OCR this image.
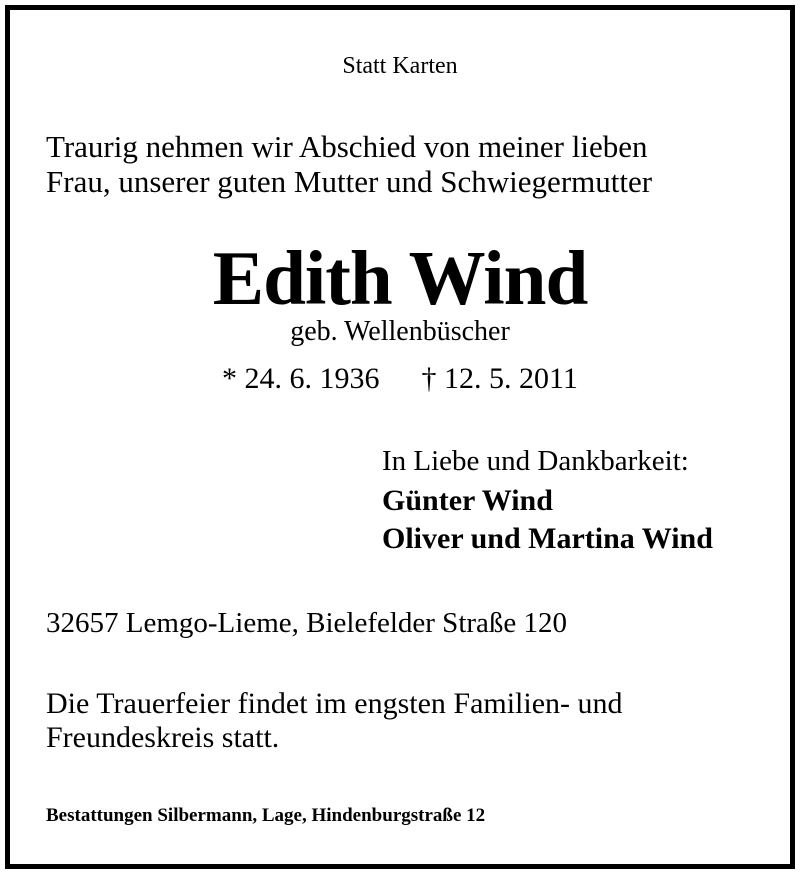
Statt Karten
Traurig nehmen wir Abschied von meiner lieben
Frau, unserer guten Mutter und Schwiegermutter
Edith Wind
geb. Wellenbüscher
* 24. 6. 1936 † 12. 5. 2011
In Liebe und Dankbarkeit:
Günter Wind
Oliver und Martina Wind
32657 Lemgo-Lieme, Bielefelder Straße 120
Die Trauerfeier findet im engsten Familien- und
Freundeskreis statt.
Bestattungen Silbermann, Lage, Hindenburgstraße 12
